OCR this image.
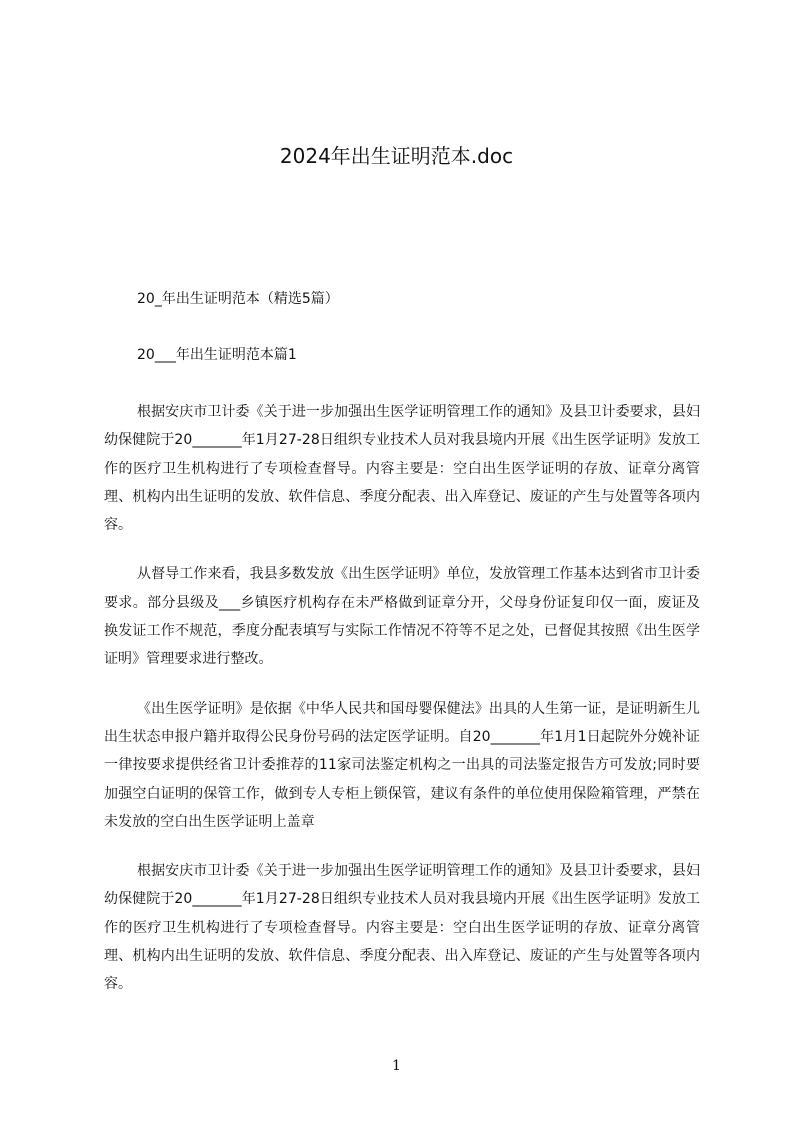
2024年出生证明范本.doc

20_年出生证明范本（精选5篇）

20___年出生证明范本篇1

根据安庆市卫计委《关于进一步加强出生医学证明管理工作的通知》及县卫计委要求，县妇幼保健院于20_______年1月27-28日组织专业技术人员对我县境内开展《出生医学证明》发放工作的医疗卫生机构进行了专项检查督导。内容主要是：空白出生医学证明的存放、证章分离管理、机构内出生证明的发放、软件信息、季度分配表、出入库登记、废证的产生与处置等各项内容。

从督导工作来看，我县多数发放《出生医学证明》单位，发放管理工作基本达到省市卫计委要求。部分县级及___乡镇医疗机构存在未严格做到证章分开，父母身份证复印仅一面，废证及换发证工作不规范，季度分配表填写与实际工作情况不符等不足之处，已督促其按照《出生医学证明》管理要求进行整改。

《出生医学证明》是依据《中华人民共和国母婴保健法》出具的人生第一证，是证明新生儿出生状态申报户籍并取得公民身份号码的法定医学证明。自20_______年1月1日起院外分娩补证一律按要求提供经省卫计委推荐的11家司法鉴定机构之一出具的司法鉴定报告方可发放;同时要加强空白证明的保管工作，做到专人专柜上锁保管，建议有条件的单位使用保险箱管理，严禁在未发放的空白出生医学证明上盖章

根据安庆市卫计委《关于进一步加强出生医学证明管理工作的通知》及县卫计委要求，县妇幼保健院于20_______年1月27-28日组织专业技术人员对我县境内开展《出生医学证明》发放工作的医疗卫生机构进行了专项检查督导。内容主要是：空白出生医学证明的存放、证章分离管理、机构内出生证明的发放、软件信息、季度分配表、出入库登记、废证的产生与处置等各项内容。

1
